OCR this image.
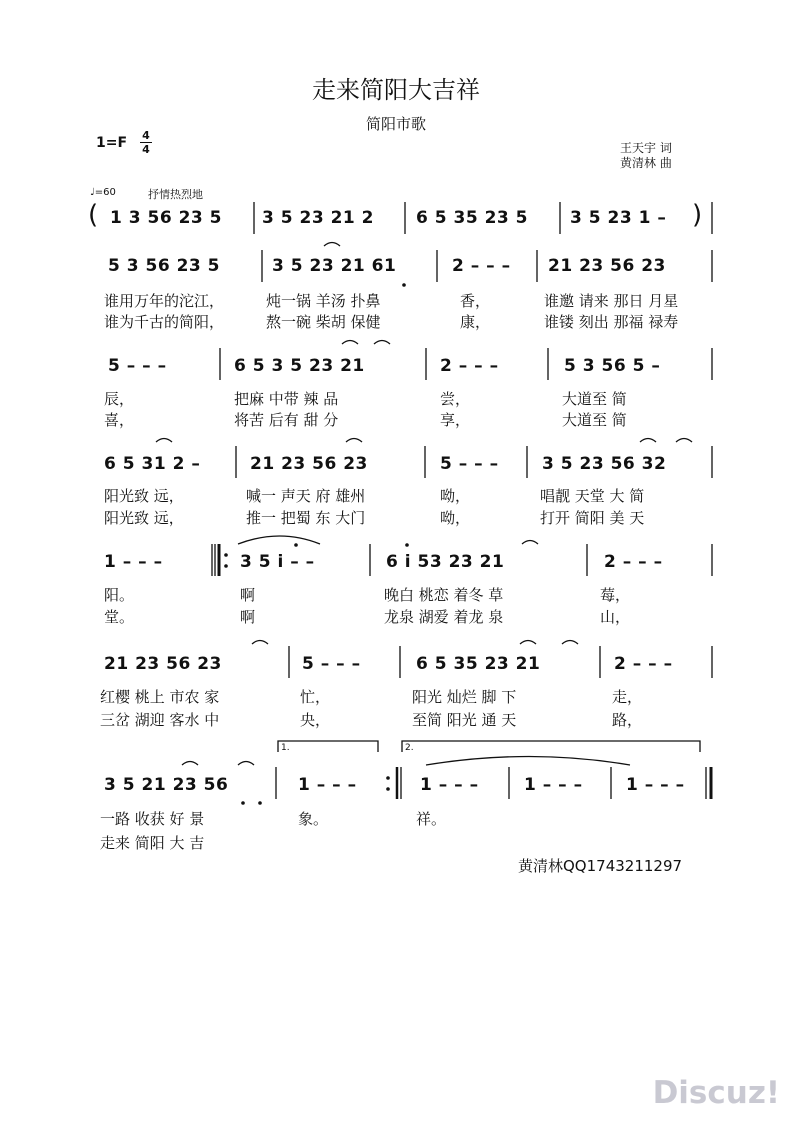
走来简阳大吉祥
简阳市歌
1=F 4
4	王天宇 词
黄清林 曲
♩=60	抒情热烈地
( 1 3 56 23 5 3 5 23 21 2 6 5 35 23 5 3 5 23 1 – )
5 3 56 23 5	3 5 23 21 61	2 – – – 21 23 56 23
谁用万年的沱江，	炖一锅 羊汤 扑鼻	香，	谁邀 请来 那日 月星
谁为千古的简阳，	熬一碗 柴胡 保健	康，	谁镂 刻出 那福 禄寿
5 – – –	6 5 3 5 23 21	2 – – –	5 3 56 5 –
辰，	把麻 中带 辣 品	尝，	大道至 简
喜，	将苦 后有 甜 分	享，	大道至 简
6 5 31 2 –	21 23 56 23	5 – – –	3 5 23 56 32
阳光致 远，	喊一 声天 府 雄州	呦，	唱靓 天堂 大 简
阳光致 远，	推一 把蜀 东 大门	呦，	打开 简阳 美 天
1 – – –	3 5 i – –	6 i 53 23 21	2 – – –
阳。	啊	晚白 桃恋 着冬 草	莓，
堂。	啊	龙泉 湖爱 着龙 泉	山，
21 23 56 23	5 – – –	6 5 35 23 21	2 – – –
红樱 桃上 市农 家	忙，	阳光 灿烂 脚 下	走，
三岔 湖迎 客水 中	央，	至简 阳光 通 天	路，
1.	2.
3 5 21 23 56	1 – – –	1 – – –	1 – – –	1 – – –
一路 收获 好 景	象。	祥。
走来 简阳 大 吉
黄清林QQ1743211297
Discuz!
